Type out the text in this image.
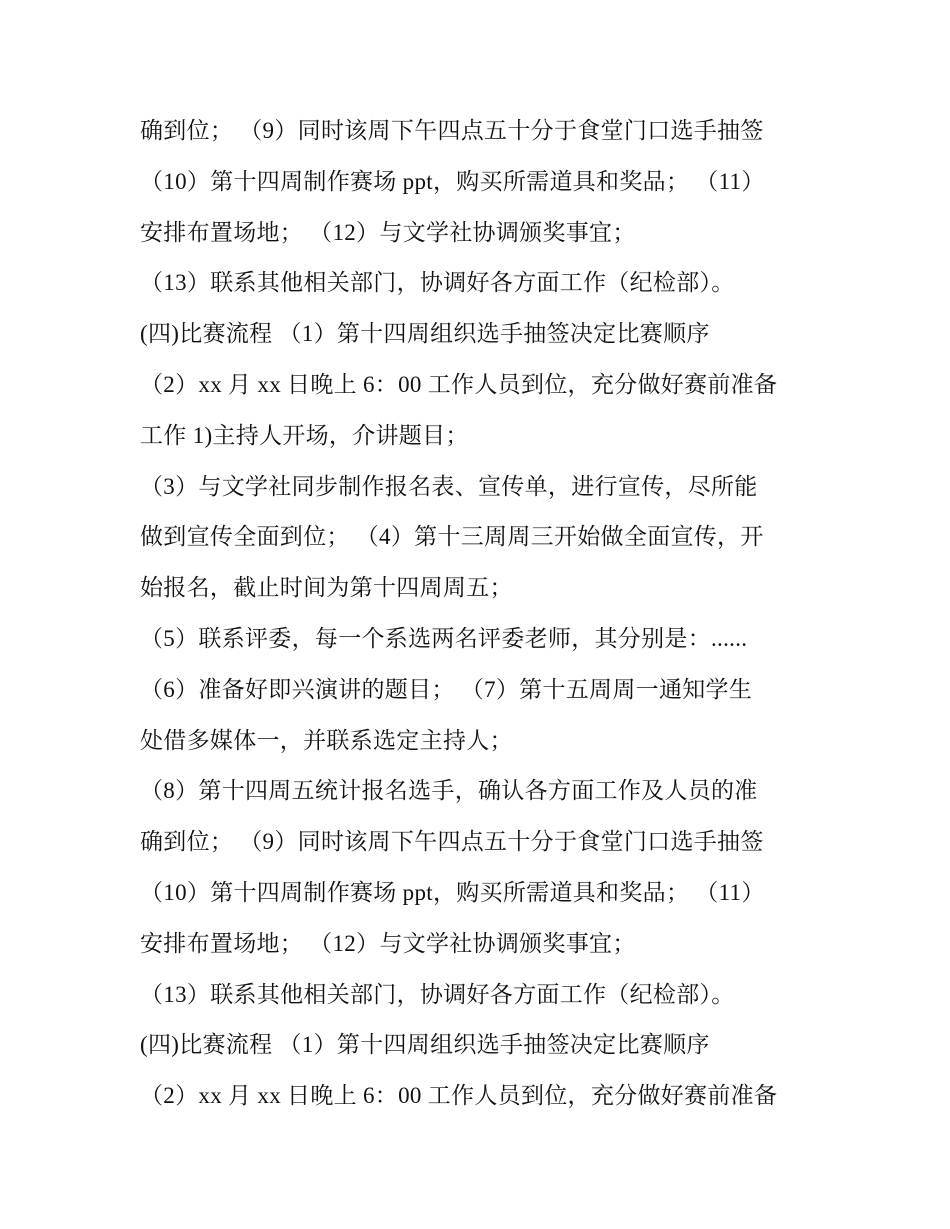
确到位； （9）同时该周下午四点五十分于食堂门口选手抽签
（10）第十四周制作赛场 ppt，购买所需道具和奖品； （11）
安排布置场地； （12）与文学社协调颁奖事宜；
（13）联系其他相关部门，协调好各方面工作（纪检部）。
(四)比赛流程 （1）第十四周组织选手抽签决定比赛顺序
（2）xx 月 xx 日晚上 6：00 工作人员到位，充分做好赛前准备
工作 1)主持人开场，介讲题目；
（3）与文学社同步制作报名表、宣传单，进行宣传，尽所能
做到宣传全面到位； （4）第十三周周三开始做全面宣传，开
始报名，截止时间为第十四周周五；
（5）联系评委，每一个系选两名评委老师，其分别是：......
（6）准备好即兴演讲的题目； （7）第十五周周一通知学生
处借多媒体一，并联系选定主持人；
（8）第十四周五统计报名选手，确认各方面工作及人员的准
确到位； （9）同时该周下午四点五十分于食堂门口选手抽签
（10）第十四周制作赛场 ppt，购买所需道具和奖品； （11）
安排布置场地； （12）与文学社协调颁奖事宜；
（13）联系其他相关部门，协调好各方面工作（纪检部）。
(四)比赛流程 （1）第十四周组织选手抽签决定比赛顺序
（2）xx 月 xx 日晚上 6：00 工作人员到位，充分做好赛前准备
